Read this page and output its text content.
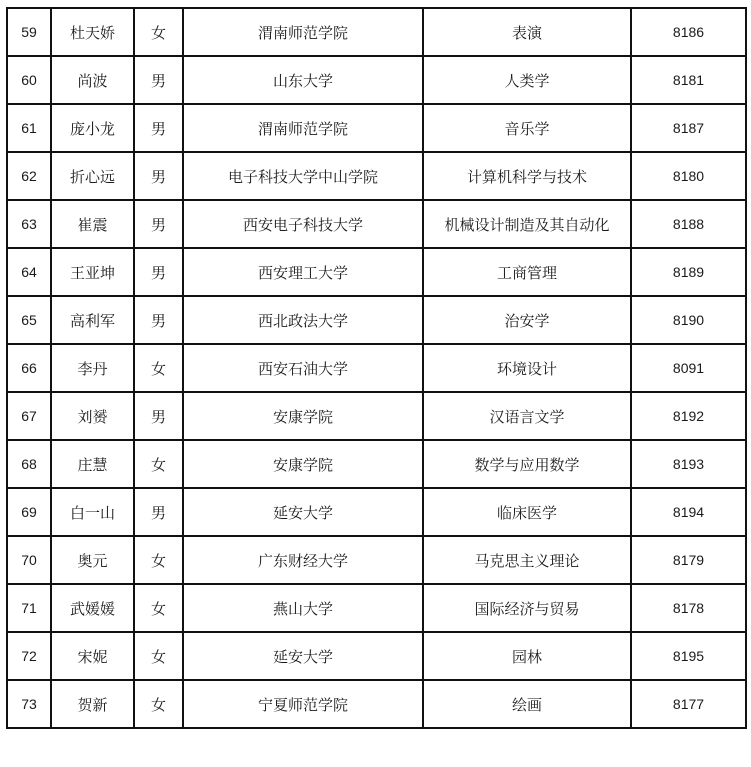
59	杜天娇	女	渭南师范学院	表演	8186
60	尚波	男	山东大学	人类学	8181
61	庞小龙	男	渭南师范学院	音乐学	8187
62	折心远	男	电子科技大学中山学院	计算机科学与技术	8180
63	崔震	男	西安电子科技大学	机械设计制造及其自动化	8188
64	王亚坤	男	西安理工大学	工商管理	8189
65	高利军	男	西北政法大学	治安学	8190
66	李丹	女	西安石油大学	环境设计	8091
67	刘赟	男	安康学院	汉语言文学	8192
68	庄慧	女	安康学院	数学与应用数学	8193
69	白一山	男	延安大学	临床医学	8194
70	奥元	女	广东财经大学	马克思主义理论	8179
71	武媛媛	女	燕山大学	国际经济与贸易	8178
72	宋妮	女	延安大学	园林	8195
73	贺新	女	宁夏师范学院	绘画	8177
